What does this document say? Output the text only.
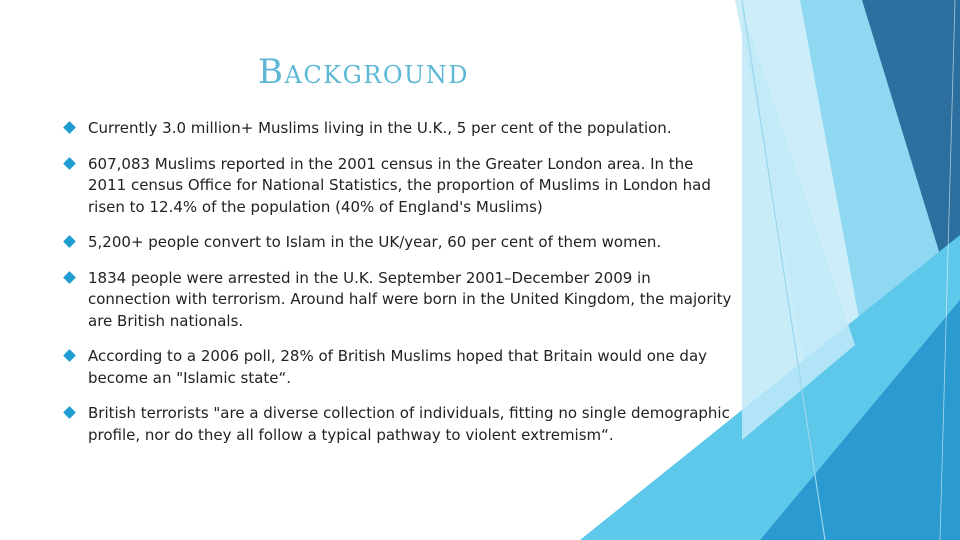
Background
Currently 3.0 million+ Muslims living in the U.K., 5 per cent of the population.
607,083 Muslims reported in the 2001 census in the Greater London area. In the 2011 census Office for National Statistics, the proportion of Muslims in London had risen to 12.4% of the population (40% of England's Muslims)
5,200+ people convert to Islam in the UK/year, 60 per cent of them women.
1834 people were arrested in the U.K. September 2001–December 2009 in connection with terrorism. Around half were born in the United Kingdom, the majority are British nationals.
According to a 2006 poll, 28% of British Muslims hoped that Britain would one day become an "Islamic state“.
British terrorists "are a diverse collection of individuals, fitting no single demographic profile, nor do they all follow a typical pathway to violent extremism“.
